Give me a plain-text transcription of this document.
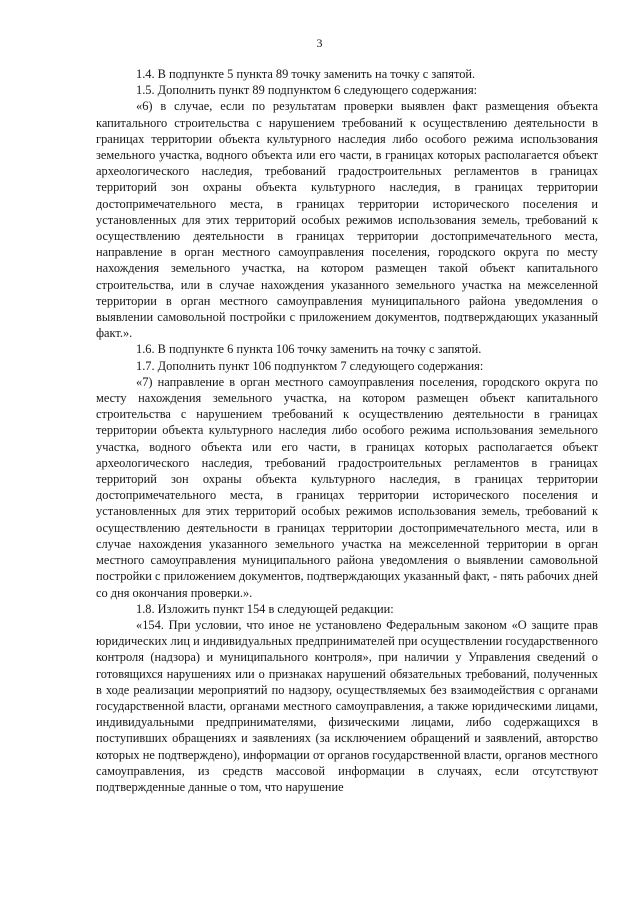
3

1.4. В подпункте 5 пункта 89 точку заменить на точку с запятой.

1.5. Дополнить пункт 89 подпунктом 6 следующего содержания:

«6) в случае, если по результатам проверки выявлен факт размещения объекта капитального строительства с нарушением требований к осуществлению деятельности в границах территории объекта культурного наследия либо особого режима использования земельного участка, водного объекта или его части, в границах которых располагается объект археологического наследия, требований градостроительных регламентов в границах территорий зон охраны объекта культурного наследия, в границах территории достопримечательного места, в границах территории исторического поселения и установленных для этих территорий особых режимов использования земель, требований к осуществлению деятельности в границах территории достопримечательного места, направление в орган местного самоуправления поселения, городского округа по месту нахождения земельного участка, на котором размещен такой объект капитального строительства, или в случае нахождения указанного земельного участка на межселенной территории в орган местного самоуправления муниципального района уведомления о выявлении самовольной постройки с приложением документов, подтверждающих указанный факт.».

1.6. В подпункте 6 пункта 106 точку заменить на точку с запятой.

1.7. Дополнить пункт 106 подпунктом 7 следующего содержания:

«7) направление в орган местного самоуправления поселения, городского округа по месту нахождения земельного участка, на котором размещен объект капитального строительства с нарушением требований к осуществлению деятельности в границах территории объекта культурного наследия либо особого режима использования земельного участка, водного объекта или его части, в границах которых располагается объект археологического наследия, требований градостроительных регламентов в границах территорий зон охраны объекта культурного наследия, в границах территории достопримечательного места, в границах территории исторического поселения и установленных для этих территорий особых режимов использования земель, требований к осуществлению деятельности в границах территории достопримечательного места, или в случае нахождения указанного земельного участка на межселенной территории в орган местного самоуправления муниципального района уведомления о выявлении самовольной постройки с приложением документов, подтверждающих указанный факт, - пять рабочих дней со дня окончания проверки.».

1.8. Изложить пункт 154 в следующей редакции:

«154. При условии, что иное не установлено Федеральным законом «О защите прав юридических лиц и индивидуальных предпринимателей при осуществлении государственного контроля (надзора) и муниципального контроля», при наличии у Управления сведений о готовящихся нарушениях или о признаках нарушений обязательных требований, полученных в ходе реализации мероприятий по надзору, осуществляемых без взаимодействия с органами государственной власти, органами местного самоуправления, а также юридическими лицами, индивидуальными предпринимателями, физическими лицами, либо содержащихся в поступивших обращениях и заявлениях (за исключением обращений и заявлений, авторство которых не подтверждено), информации от органов государственной власти, органов местного самоуправления, из средств массовой информации в случаях, если отсутствуют подтвержденные данные о том, что нарушение
